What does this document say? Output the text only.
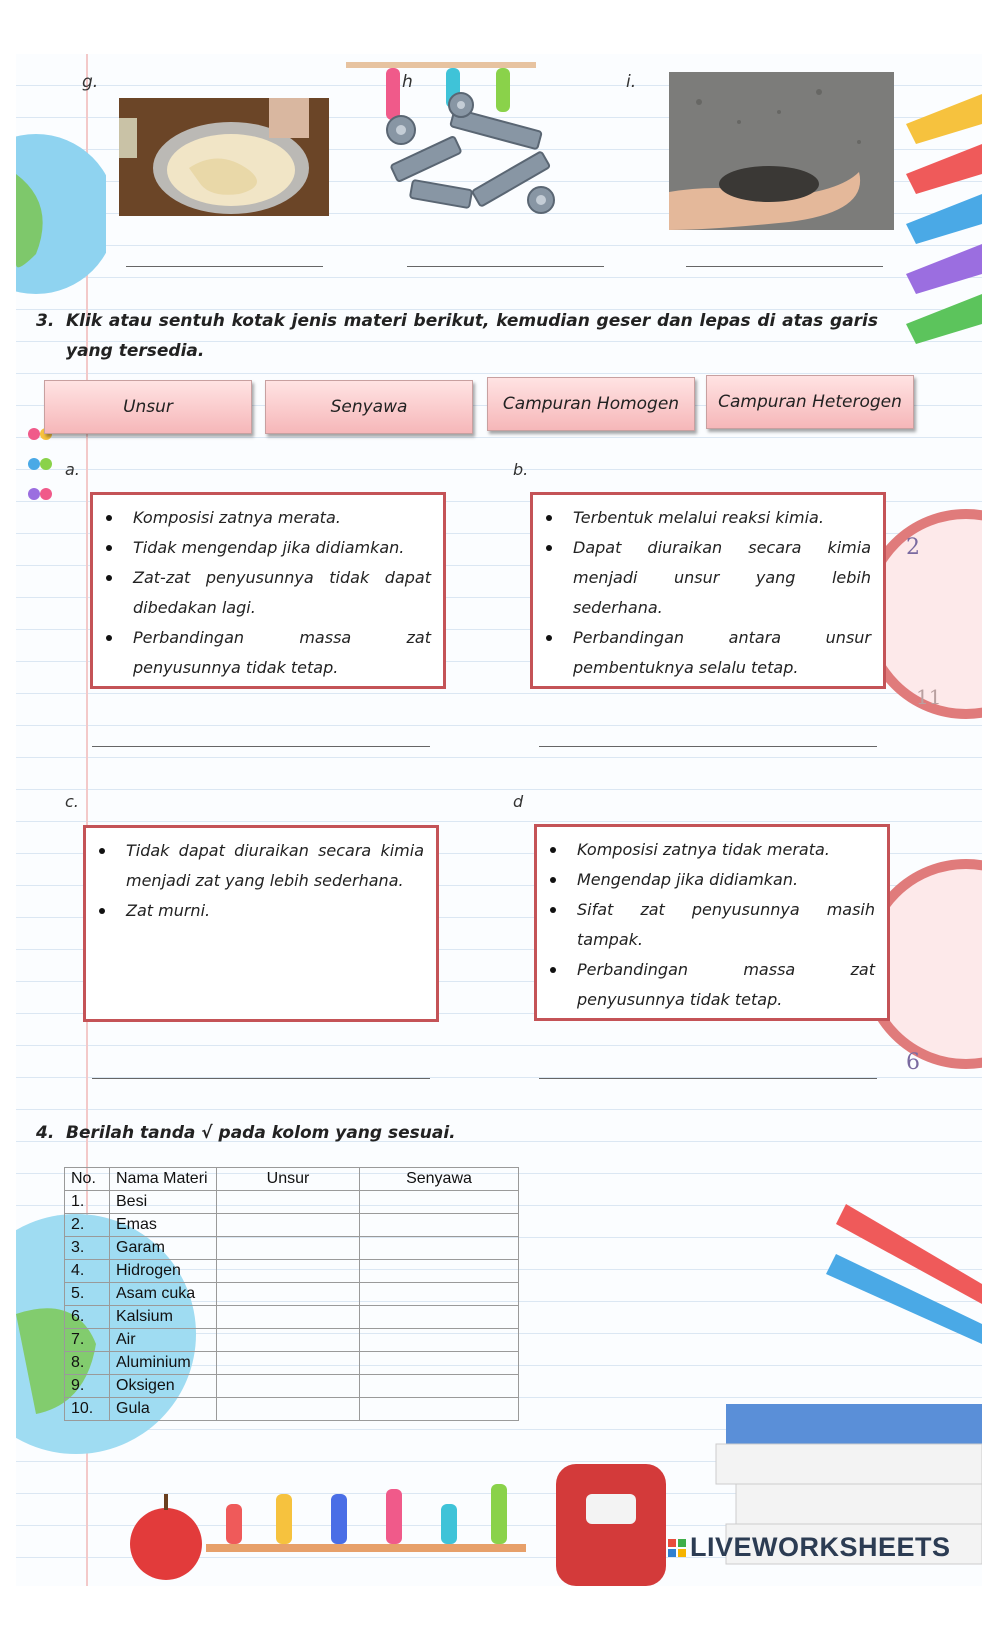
2
11
6
g.	h	i.
3. Klik atau sentuh kotak jenis materi berikut, kemudian geser dan lepas di atas garis yang tersedia.
Unsur	Senyawa	Campuran Homogen	Campuran Heterogen
a.
Komposisi zatnya merata.
Tidak mengendap jika didiamkan.
Zat-zat penyusunnya tidak dapat dibedakan lagi.
Perbandingan massa zat penyusunnya tidak tetap.
b.
Terbentuk melalui reaksi kimia.
Dapat diuraikan secara kimia menjadi unsur yang lebih sederhana.
Perbandingan antara unsur pembentuknya selalu tetap.
c.
Tidak dapat diuraikan secara kimia menjadi zat yang lebih sederhana.
Zat murni.
d
Komposisi zatnya tidak merata.
Mengendap jika didiamkan.
Sifat zat penyusunnya masih tampak.
Perbandingan massa zat penyusunnya tidak tetap.
4. Berilah tanda √ pada kolom yang sesuai.
No.	Nama Materi	Unsur	Senyawa
1.	Besi		
2.	Emas		
3.	Garam		
4.	Hidrogen		
5.	Asam cuka		
6.	Kalsium		
7.	Air		
8.	Aluminium		
9.	Oksigen		
10.	Gula		
LIVEWORKSHEETS
